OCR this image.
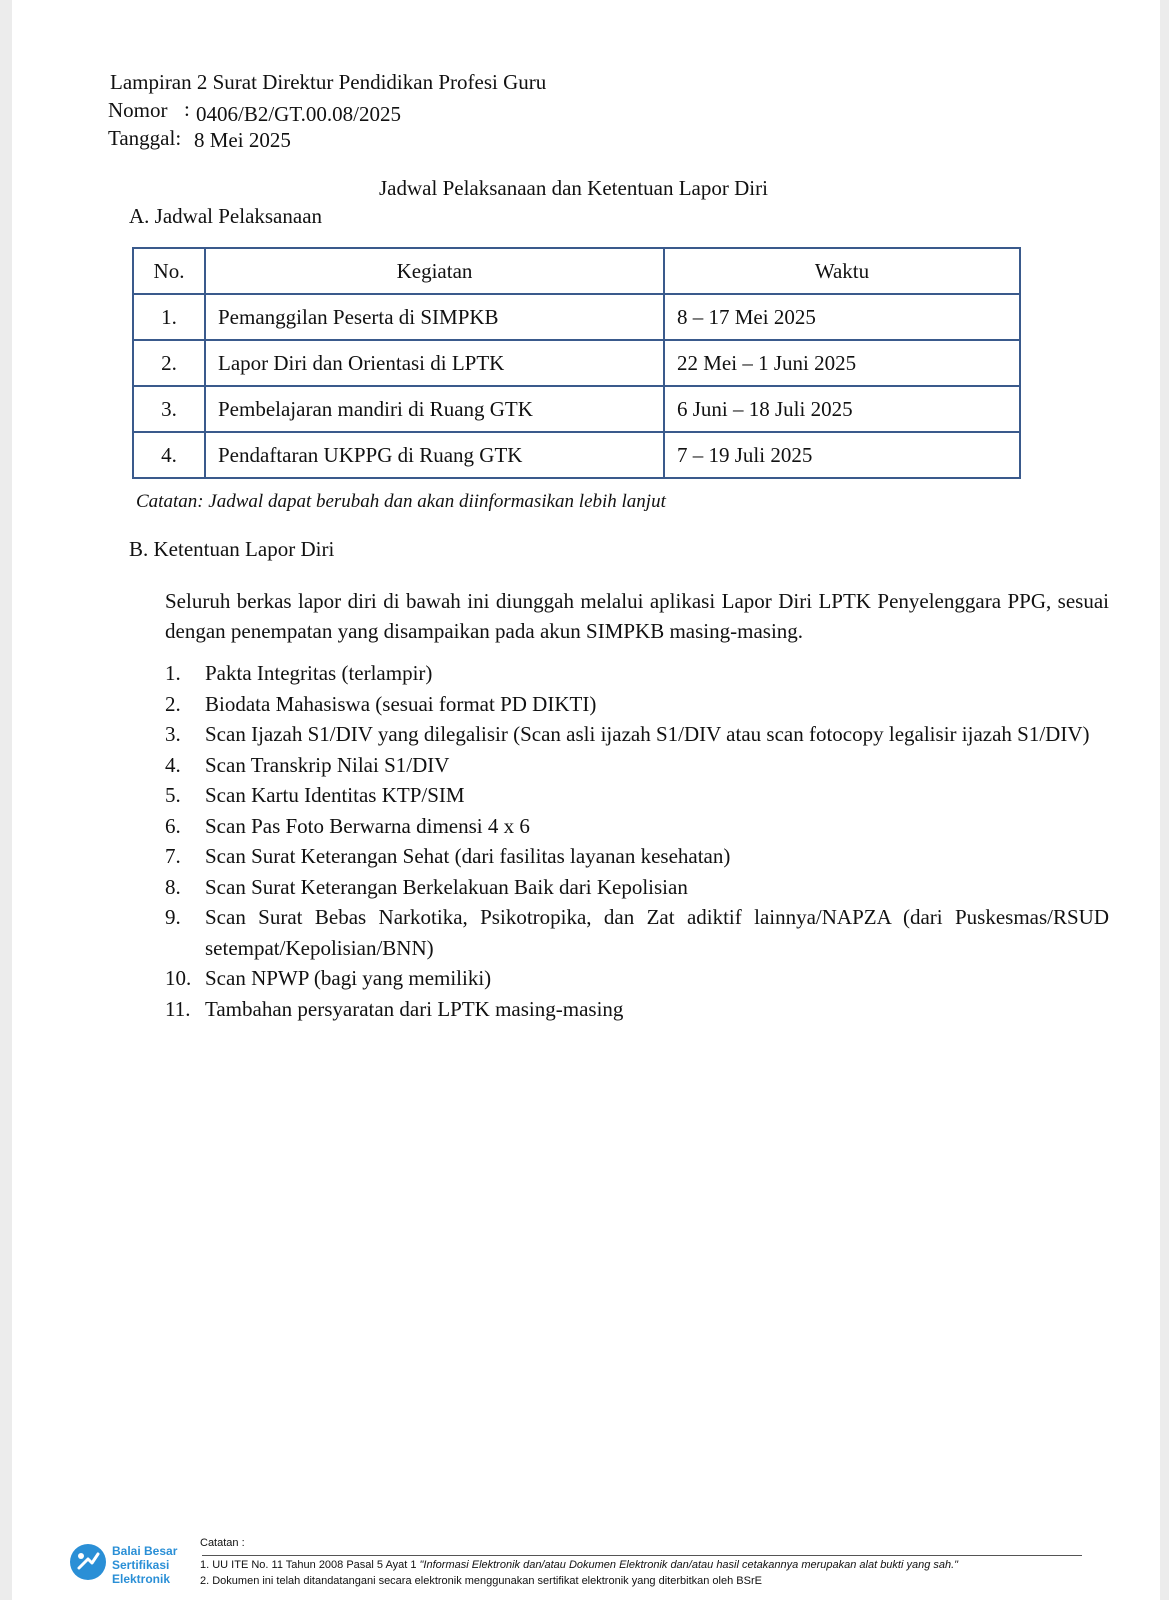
Lampiran 2 Surat Direktur Pendidikan Profesi Guru
Nomor : 0406/B2/GT.00.08/2025
Tanggal: 8 Mei 2025
Jadwal Pelaksanaan dan Ketentuan Lapor Diri
A. Jadwal Pelaksanaan
No.	Kegiatan	Waktu
1.	Pemanggilan Peserta di SIMPKB	8 – 17 Mei 2025
2.	Lapor Diri dan Orientasi di LPTK	22 Mei – 1 Juni 2025
3.	Pembelajaran mandiri di Ruang GTK	6 Juni – 18 Juli 2025
4.	Pendaftaran UKPPG di Ruang GTK	7 – 19 Juli 2025
Catatan: Jadwal dapat berubah dan akan diinformasikan lebih lanjut
B. Ketentuan Lapor Diri
Seluruh berkas lapor diri di bawah ini diunggah melalui aplikasi Lapor Diri LPTK Penyelenggara PPG, sesuai dengan penempatan yang disampaikan pada akun SIMPKB masing-masing.
1.	Pakta Integritas (terlampir)
2.	Biodata Mahasiswa (sesuai format PD DIKTI)
3.	Scan Ijazah S1/DIV yang dilegalisir (Scan asli ijazah S1/DIV atau scan fotocopy legalisir ijazah S1/DIV)
4.	Scan Transkrip Nilai S1/DIV
5.	Scan Kartu Identitas KTP/SIM
6.	Scan Pas Foto Berwarna dimensi 4 x 6
7.	Scan Surat Keterangan Sehat (dari fasilitas layanan kesehatan)
8.	Scan Surat Keterangan Berkelakuan Baik dari Kepolisian
9.	Scan Surat Bebas Narkotika, Psikotropika, dan Zat adiktif lainnya/NAPZA (dari Puskesmas/RSUD setempat/Kepolisian/BNN)
10. Scan NPWP (bagi yang memiliki)
11. Tambahan persyaratan dari LPTK masing-masing
Balai Besar
Sertifikasi
Elektronik
Catatan :
1. UU ITE No. 11 Tahun 2008 Pasal 5 Ayat 1 "Informasi Elektronik dan/atau Dokumen Elektronik dan/atau hasil cetakannya merupakan alat bukti yang sah."
2. Dokumen ini telah ditandatangani secara elektronik menggunakan sertifikat elektronik yang diterbitkan oleh BSrE
